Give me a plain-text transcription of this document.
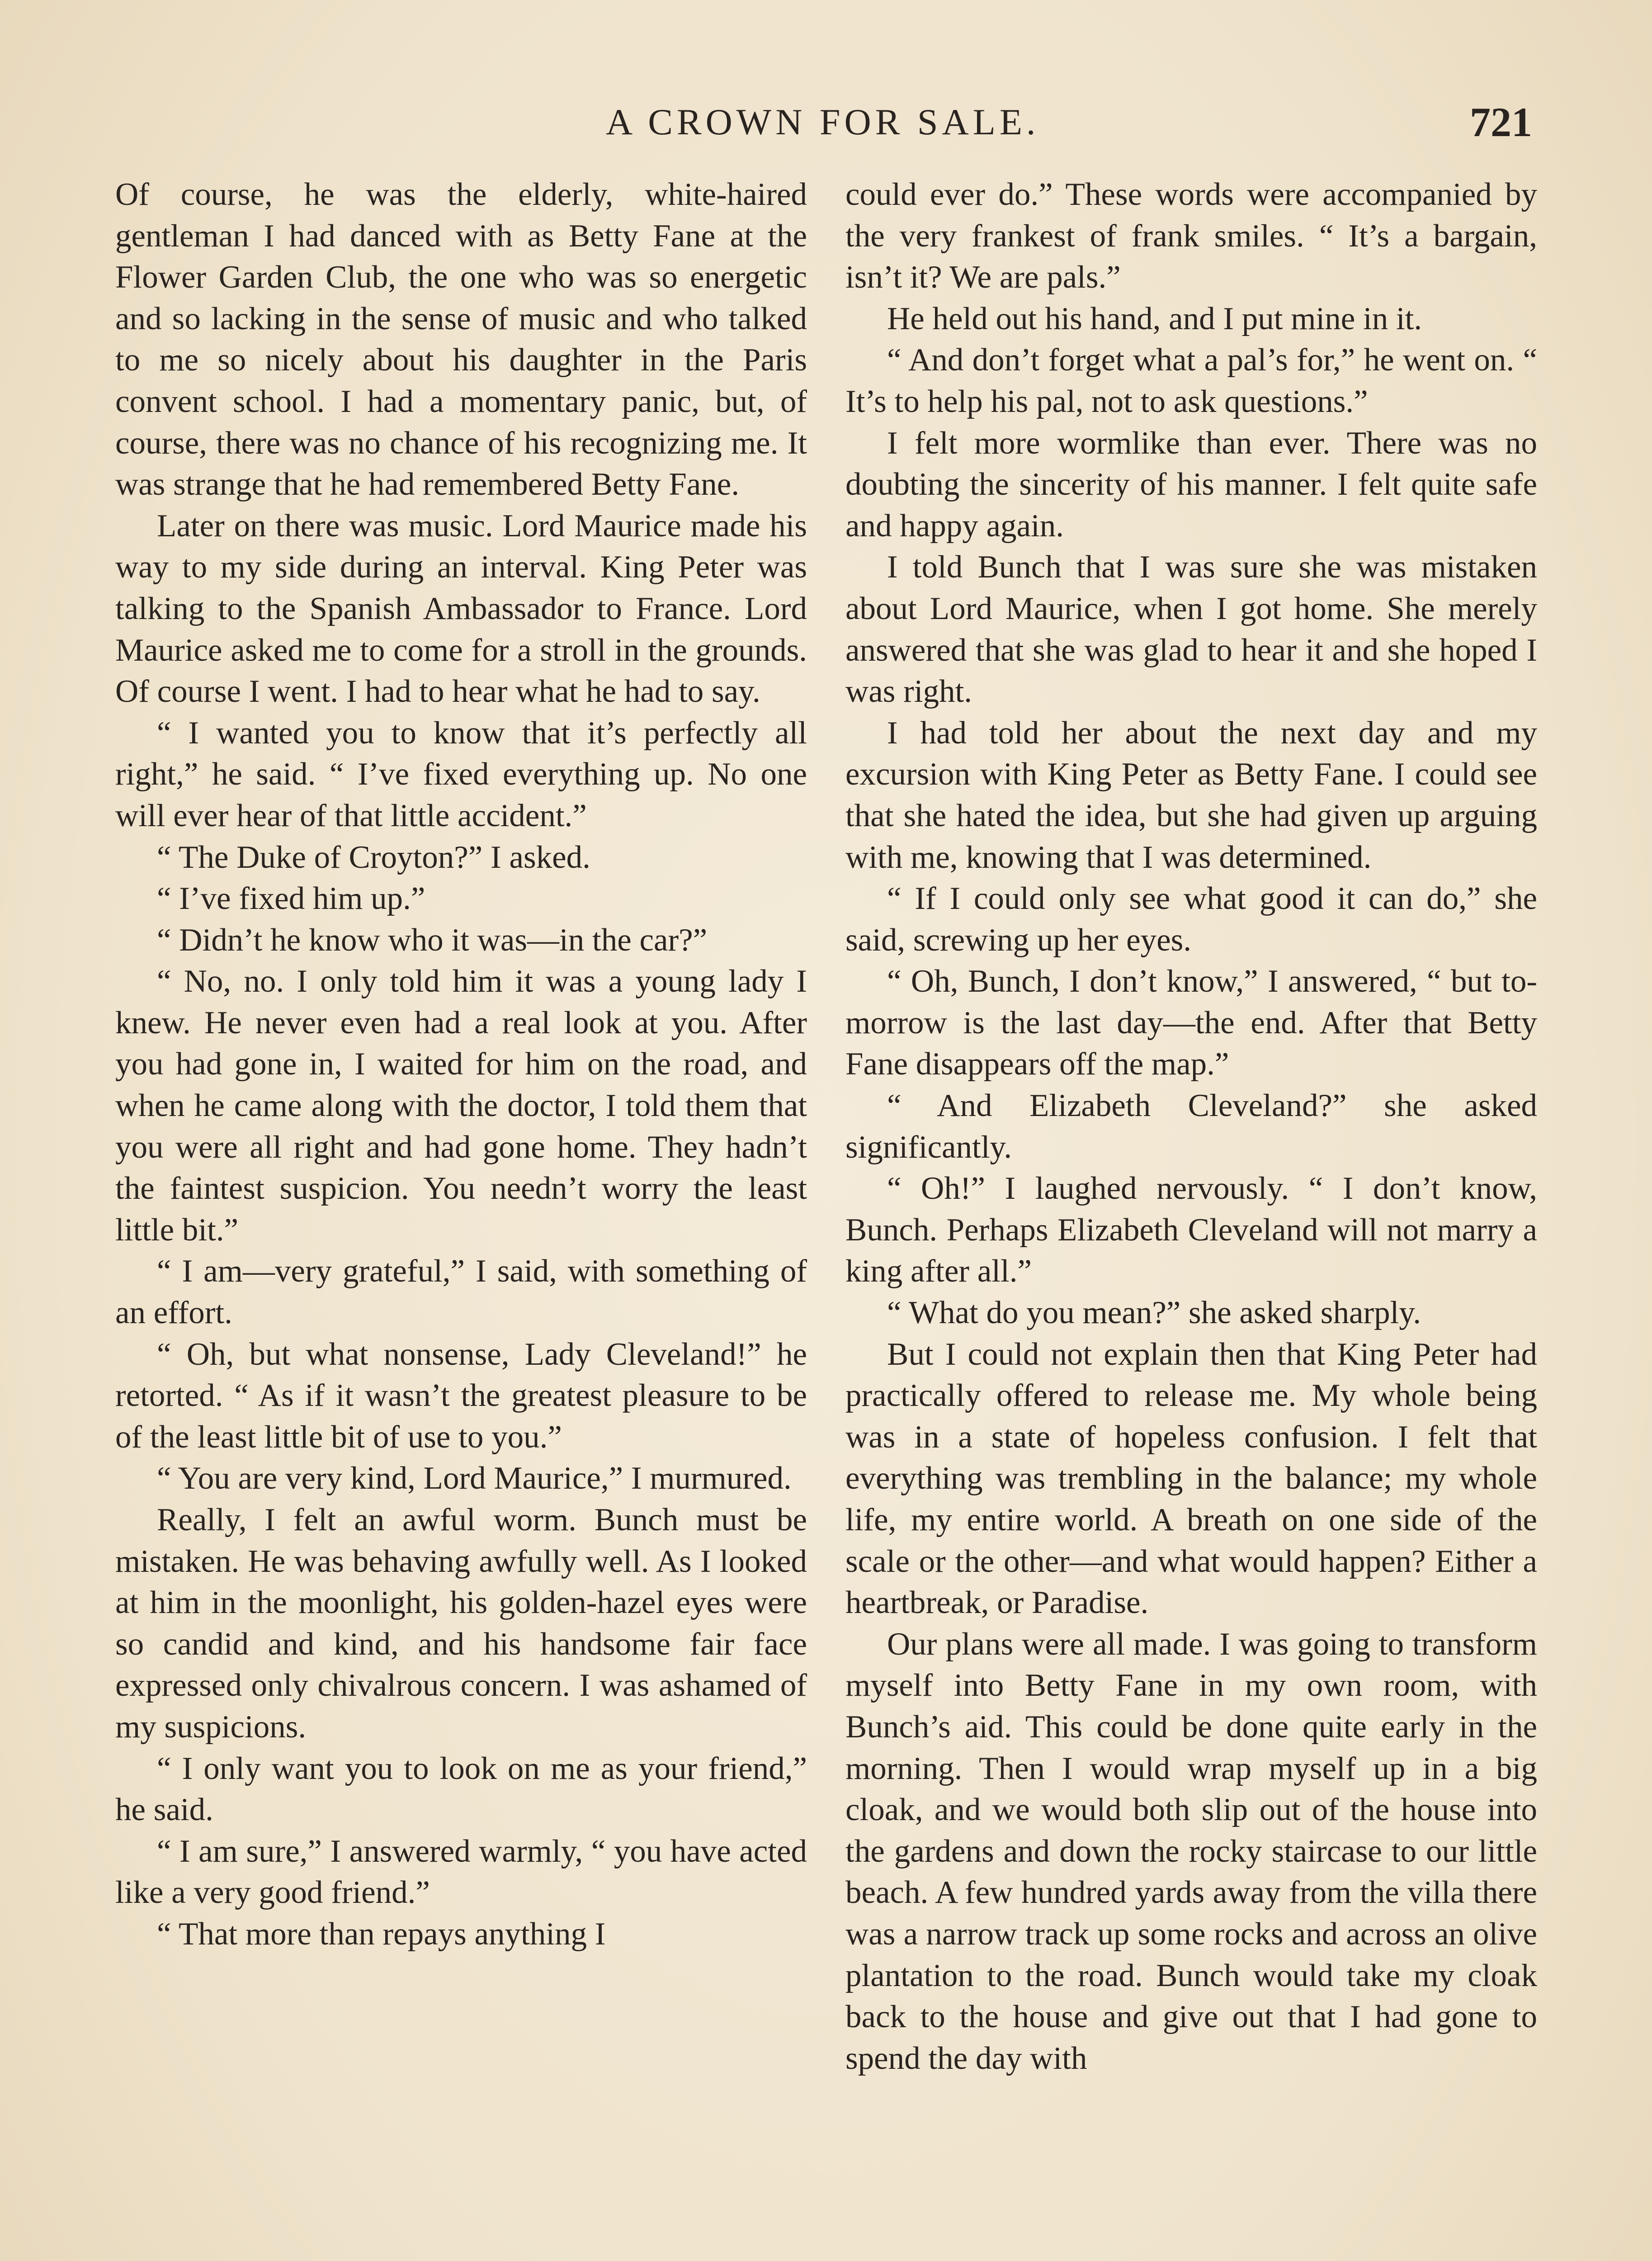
A CROWN FOR SALE.	721

Of course, he was the elderly, white-haired gentleman I had danced with as Betty Fane at the Flower Garden Club, the one who was so energetic and so lacking in the sense of music and who talked to me so nicely about his daughter in the Paris convent school. I had a momentary panic, but, of course, there was no chance of his recognizing me. It was strange that he had remembered Betty Fane.

Later on there was music. Lord Maurice made his way to my side during an interval. King Peter was talking to the Spanish Ambassador to France. Lord Maurice asked me to come for a stroll in the grounds. Of course I went. I had to hear what he had to say.

“ I wanted you to know that it’s perfectly all right,” he said. “ I’ve fixed everything up. No one will ever hear of that little accident.”

“ The Duke of Croyton?” I asked.

“ I’ve fixed him up.”

“ Didn’t he know who it was—in the car?”

“ No, no. I only told him it was a young lady I knew. He never even had a real look at you. After you had gone in, I waited for him on the road, and when he came along with the doctor, I told them that you were all right and had gone home. They hadn’t the faintest suspicion. You needn’t worry the least little bit.”

“ I am—very grateful,” I said, with something of an effort.

“ Oh, but what nonsense, Lady Cleveland!” he retorted. “ As if it wasn’t the greatest pleasure to be of the least little bit of use to you.”

“ You are very kind, Lord Maurice,” I murmured.

Really, I felt an awful worm. Bunch must be mistaken. He was behaving awfully well. As I looked at him in the moonlight, his golden-hazel eyes were so candid and kind, and his handsome fair face expressed only chivalrous concern. I was ashamed of my suspicions.

“ I only want you to look on me as your friend,” he said.

“ I am sure,” I answered warmly, “ you have acted like a very good friend.”

“ That more than repays anything I

could ever do.” These words were accompanied by the very frankest of frank smiles. “ It’s a bargain, isn’t it? We are pals.”

He held out his hand, and I put mine in it.

“ And don’t forget what a pal’s for,” he went on. “ It’s to help his pal, not to ask questions.”

I felt more wormlike than ever. There was no doubting the sincerity of his manner. I felt quite safe and happy again.

I told Bunch that I was sure she was mistaken about Lord Maurice, when I got home. She merely answered that she was glad to hear it and she hoped I was right.

I had told her about the next day and my excursion with King Peter as Betty Fane. I could see that she hated the idea, but she had given up arguing with me, knowing that I was determined.

“ If I could only see what good it can do,” she said, screwing up her eyes.

“ Oh, Bunch, I don’t know,” I answered, “ but to-morrow is the last day—the end. After that Betty Fane disappears off the map.”

“ And Elizabeth Cleveland?” she asked significantly.

“ Oh!” I laughed nervously. “ I don’t know, Bunch. Perhaps Elizabeth Cleveland will not marry a king after all.”

“ What do you mean?” she asked sharply.

But I could not explain then that King Peter had practically offered to release me. My whole being was in a state of hopeless confusion. I felt that everything was trembling in the balance; my whole life, my entire world. A breath on one side of the scale or the other—and what would happen? Either a heartbreak, or Paradise.

Our plans were all made. I was going to transform myself into Betty Fane in my own room, with Bunch’s aid. This could be done quite early in the morning. Then I would wrap myself up in a big cloak, and we would both slip out of the house into the gardens and down the rocky staircase to our little beach. A few hundred yards away from the villa there was a narrow track up some rocks and across an olive plantation to the road. Bunch would take my cloak back to the house and give out that I had gone to spend the day with
